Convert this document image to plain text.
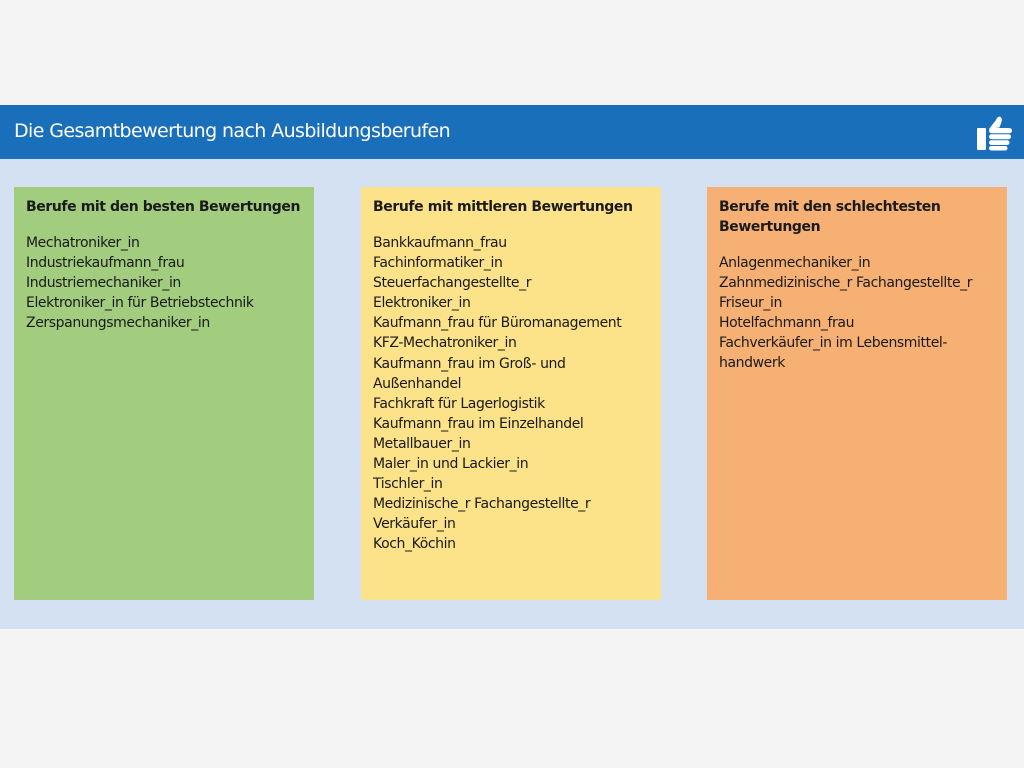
Die Gesamtbewertung nach Ausbildungsberufen
Berufe mit den besten Bewertungen
Mechatroniker_in
Industriekaufmann_frau
Industriemechaniker_in
Elektroniker_in für Betriebstechnik
Zerspanungsmechaniker_in
Berufe mit mittleren Bewertungen
Bankkaufmann_frau
Fachinformatiker_in
Steuerfachangestellte_r
Elektroniker_in
Kaufmann_frau für Büromanagement
KFZ-Mechatroniker_in
Kaufmann_frau im Groß- und
Außenhandel
Fachkraft für Lagerlogistik
Kaufmann_frau im Einzelhandel
Metallbauer_in
Maler_in und Lackier_in
Tischler_in
Medizinische_r Fachangestellte_r
Verkäufer_in
Koch_Köchin
Berufe mit den schlechtesten
Bewertungen
Anlagenmechaniker_in
Zahnmedizinische_r Fachangestellte_r
Friseur_in
Hotelfachmann_frau
Fachverkäufer_in im Lebensmittel-
handwerk
